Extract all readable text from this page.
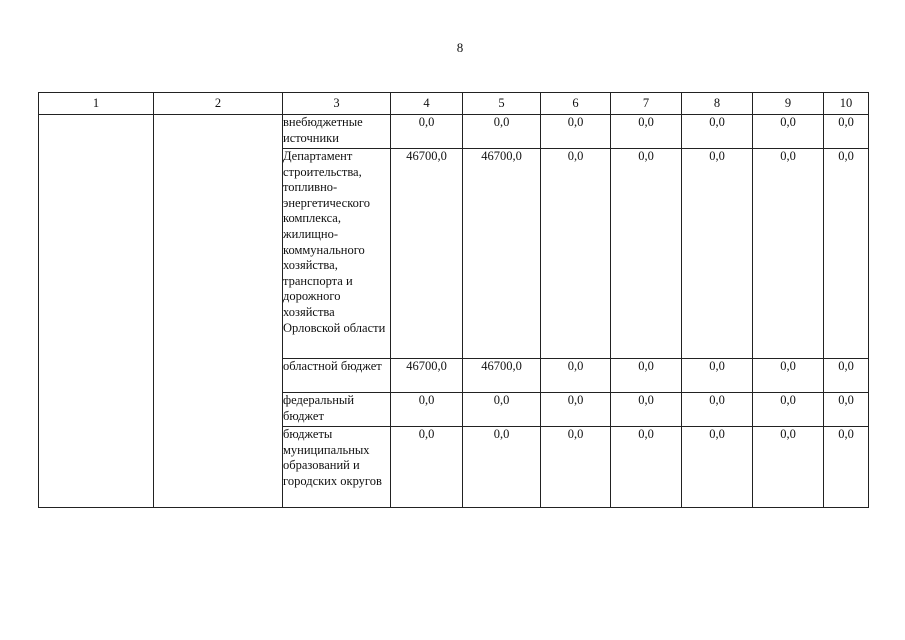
8
1	2	3	4	5	6	7	8	9	10
		внебюджетные источники	0,0	0,0	0,0	0,0	0,0	0,0	0,0
		Департамент строительства, топливно-энергетического комплекса, жилищно-коммунального хозяйства, транспорта и дорожного хозяйства Орловской области	46700,0	46700,0	0,0	0,0	0,0	0,0	0,0
		областной бюджет	46700,0	46700,0	0,0	0,0	0,0	0,0	0,0
		федеральный бюджет	0,0	0,0	0,0	0,0	0,0	0,0	0,0
		бюджеты муниципальных образований и городских округов	0,0	0,0	0,0	0,0	0,0	0,0	0,0
